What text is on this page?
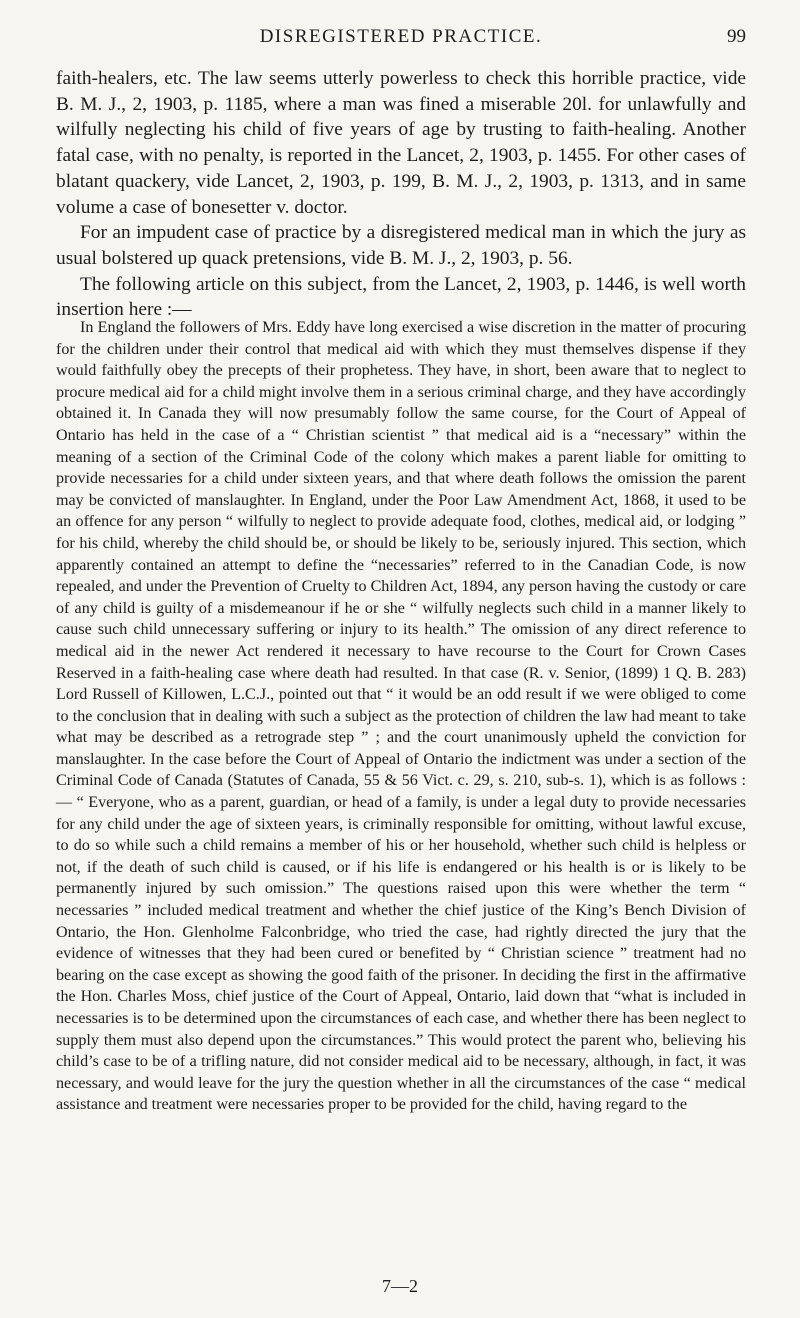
DISREGISTERED PRACTICE.	99

faith-healers, etc. The law seems utterly powerless to check this horrible practice, vide B. M. J., 2, 1903, p. 1185, where a man was fined a miserable 20l. for unlawfully and wilfully neglecting his child of five years of age by trusting to faith-healing. Another fatal case, with no penalty, is reported in the Lancet, 2, 1903, p. 1455. For other cases of blatant quackery, vide Lancet, 2, 1903, p. 199, B. M. J., 2, 1903, p. 1313, and in same volume a case of bonesetter v. doctor.

For an impudent case of practice by a disregistered medical man in which the jury as usual bolstered up quack pretensions, vide B. M. J., 2, 1903, p. 56.

The following article on this subject, from the Lancet, 2, 1903, p. 1446, is well worth insertion here :—

In England the followers of Mrs. Eddy have long exercised a wise discretion in the matter of procuring for the children under their control that medical aid with which they must themselves dispense if they would faithfully obey the precepts of their prophetess. They have, in short, been aware that to neglect to procure medical aid for a child might involve them in a serious criminal charge, and they have accordingly obtained it. In Canada they will now presumably follow the same course, for the Court of Appeal of Ontario has held in the case of a “ Christian scientist ” that medical aid is a “necessary” within the meaning of a section of the Criminal Code of the colony which makes a parent liable for omitting to provide necessaries for a child under sixteen years, and that where death follows the omission the parent may be convicted of manslaughter. In England, under the Poor Law Amendment Act, 1868, it used to be an offence for any person “ wilfully to neglect to provide adequate food, clothes, medical aid, or lodging ” for his child, whereby the child should be, or should be likely to be, seriously injured. This section, which apparently contained an attempt to define the “necessaries” referred to in the Canadian Code, is now repealed, and under the Prevention of Cruelty to Children Act, 1894, any person having the custody or care of any child is guilty of a misdemeanour if he or she “ wilfully neglects such child in a manner likely to cause such child unnecessary suffering or injury to its health.” The omission of any direct reference to medical aid in the newer Act rendered it necessary to have recourse to the Court for Crown Cases Reserved in a faith-healing case where death had resulted. In that case (R. v. Senior, (1899) 1 Q. B. 283) Lord Russell of Killowen, L.C.J., pointed out that “ it would be an odd result if we were obliged to come to the conclusion that in dealing with such a subject as the protection of children the law had meant to take what may be described as a retrograde step ” ; and the court unanimously upheld the conviction for manslaughter. In the case before the Court of Appeal of Ontario the indictment was under a section of the Criminal Code of Canada (Statutes of Canada, 55 & 56 Vict. c. 29, s. 210, sub-s. 1), which is as follows :— “ Everyone, who as a parent, guardian, or head of a family, is under a legal duty to provide necessaries for any child under the age of sixteen years, is criminally responsible for omitting, without lawful excuse, to do so while such a child remains a member of his or her household, whether such child is helpless or not, if the death of such child is caused, or if his life is endangered or his health is or is likely to be permanently injured by such omission.” The questions raised upon this were whether the term “ necessaries ” included medical treatment and whether the chief justice of the King’s Bench Division of Ontario, the Hon. Glenholme Falconbridge, who tried the case, had rightly directed the jury that the evidence of witnesses that they had been cured or benefited by “ Christian science ” treatment had no bearing on the case except as showing the good faith of the prisoner. In deciding the first in the affirmative the Hon. Charles Moss, chief justice of the Court of Appeal, Ontario, laid down that “what is included in necessaries is to be determined upon the circumstances of each case, and whether there has been neglect to supply them must also depend upon the circumstances.” This would protect the parent who, believing his child’s case to be of a trifling nature, did not consider medical aid to be necessary, although, in fact, it was necessary, and would leave for the jury the question whether in all the circumstances of the case “ medical assistance and treatment were necessaries proper to be provided for the child, having regard to the

7—2
